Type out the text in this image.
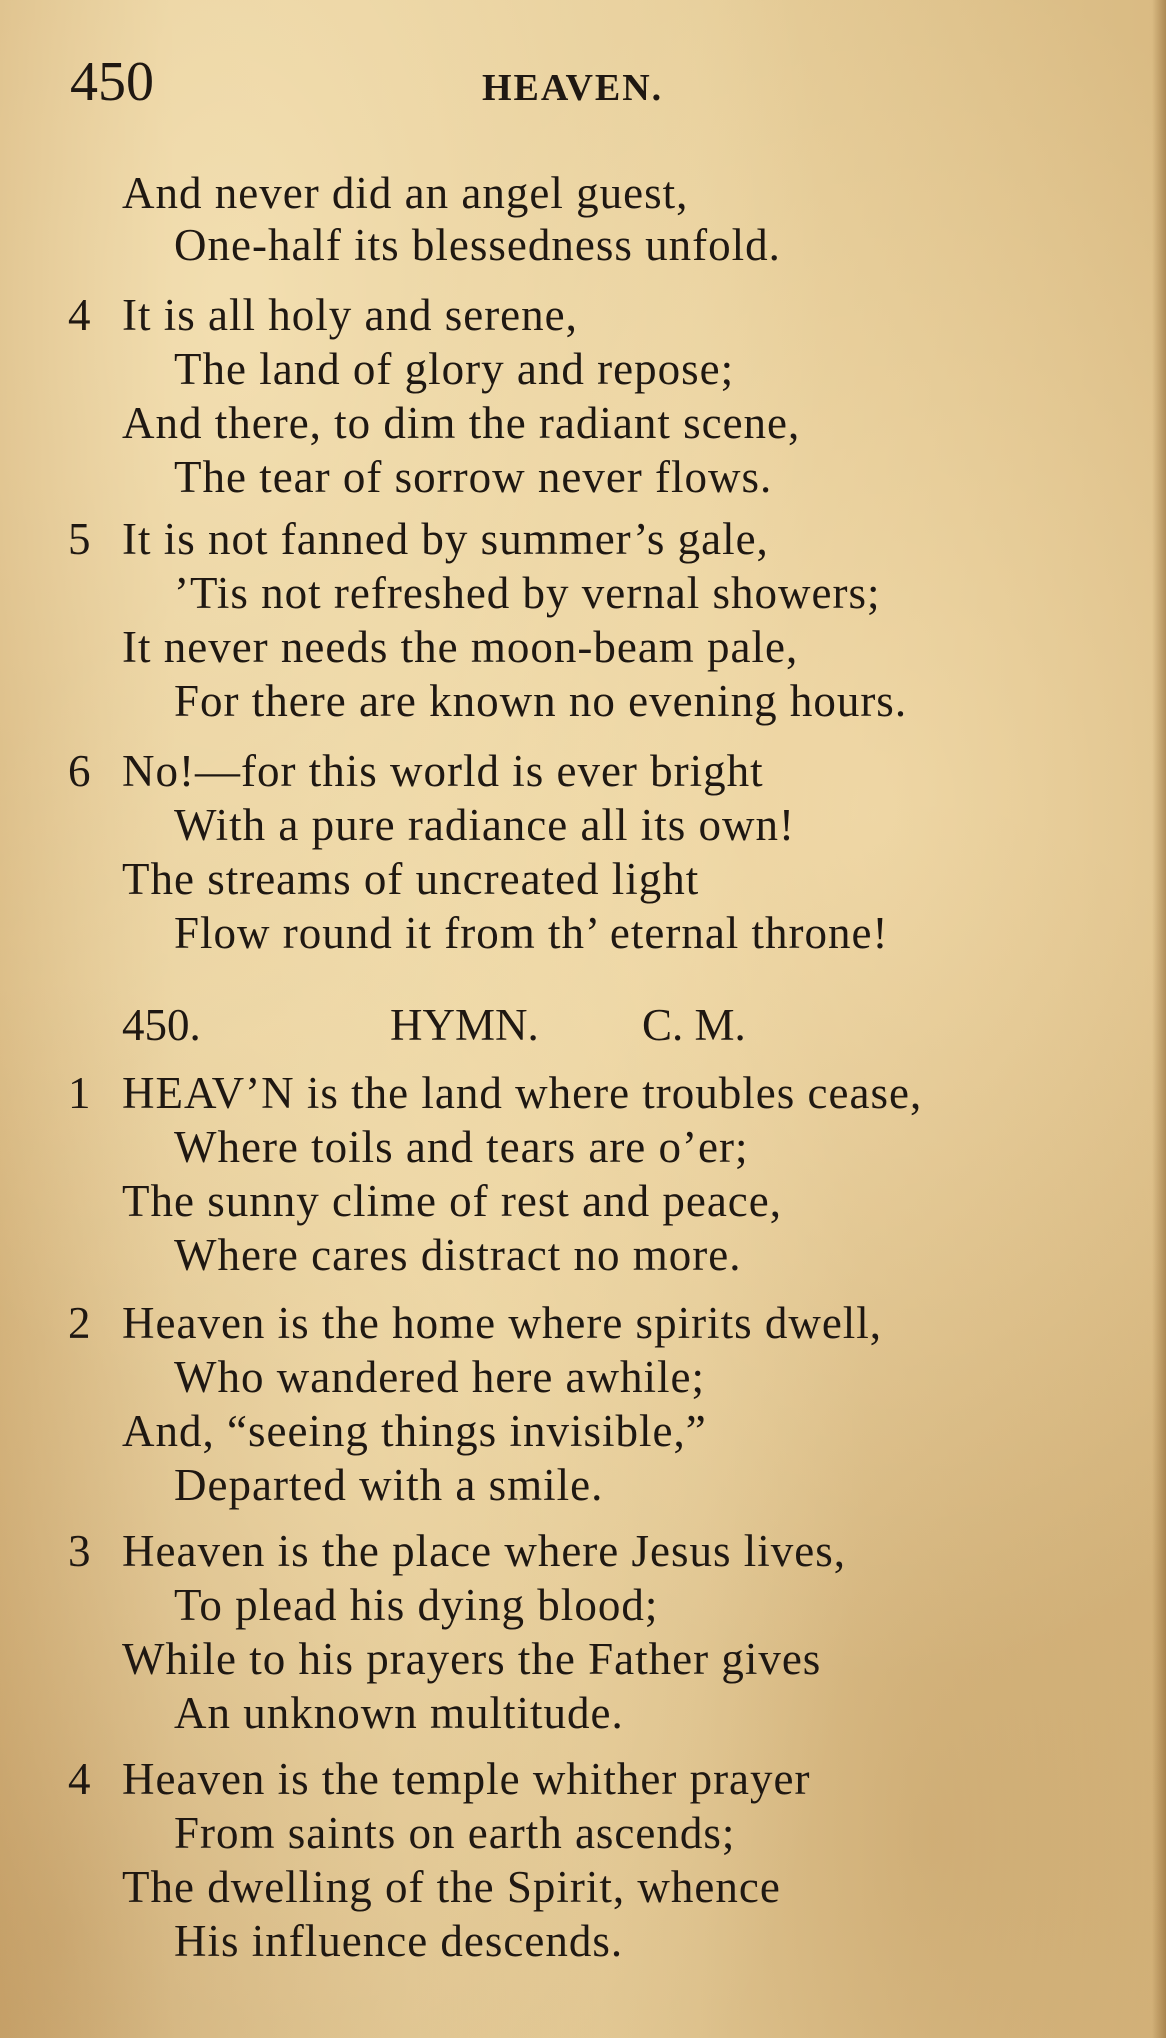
450	HEAVEN.
And never did an angel guest,
One-half its blessedness unfold.
4 It is all holy and serene,
The land of glory and repose;
And there, to dim the radiant scene,
The tear of sorrow never flows.
5 It is not fanned by summer’s gale,
’Tis not refreshed by vernal showers;
It never needs the moon-beam pale,
For there are known no evening hours.
6 No!—for this world is ever bright
With a pure radiance all its own!
The streams of uncreated light
Flow round it from th’ eternal throne!
450.	HYMN. C. M.
1 HEAV’N is the land where troubles cease,
Where toils and tears are o’er;
The sunny clime of rest and peace,
Where cares distract no more.
2 Heaven is the home where spirits dwell,
Who wandered here awhile;
And, “seeing things invisible,”
Departed with a smile.
3 Heaven is the place where Jesus lives,
To plead his dying blood;
While to his prayers the Father gives
An unknown multitude.
4 Heaven is the temple whither prayer
From saints on earth ascends;
The dwelling of the Spirit, whence
His influence descends.
